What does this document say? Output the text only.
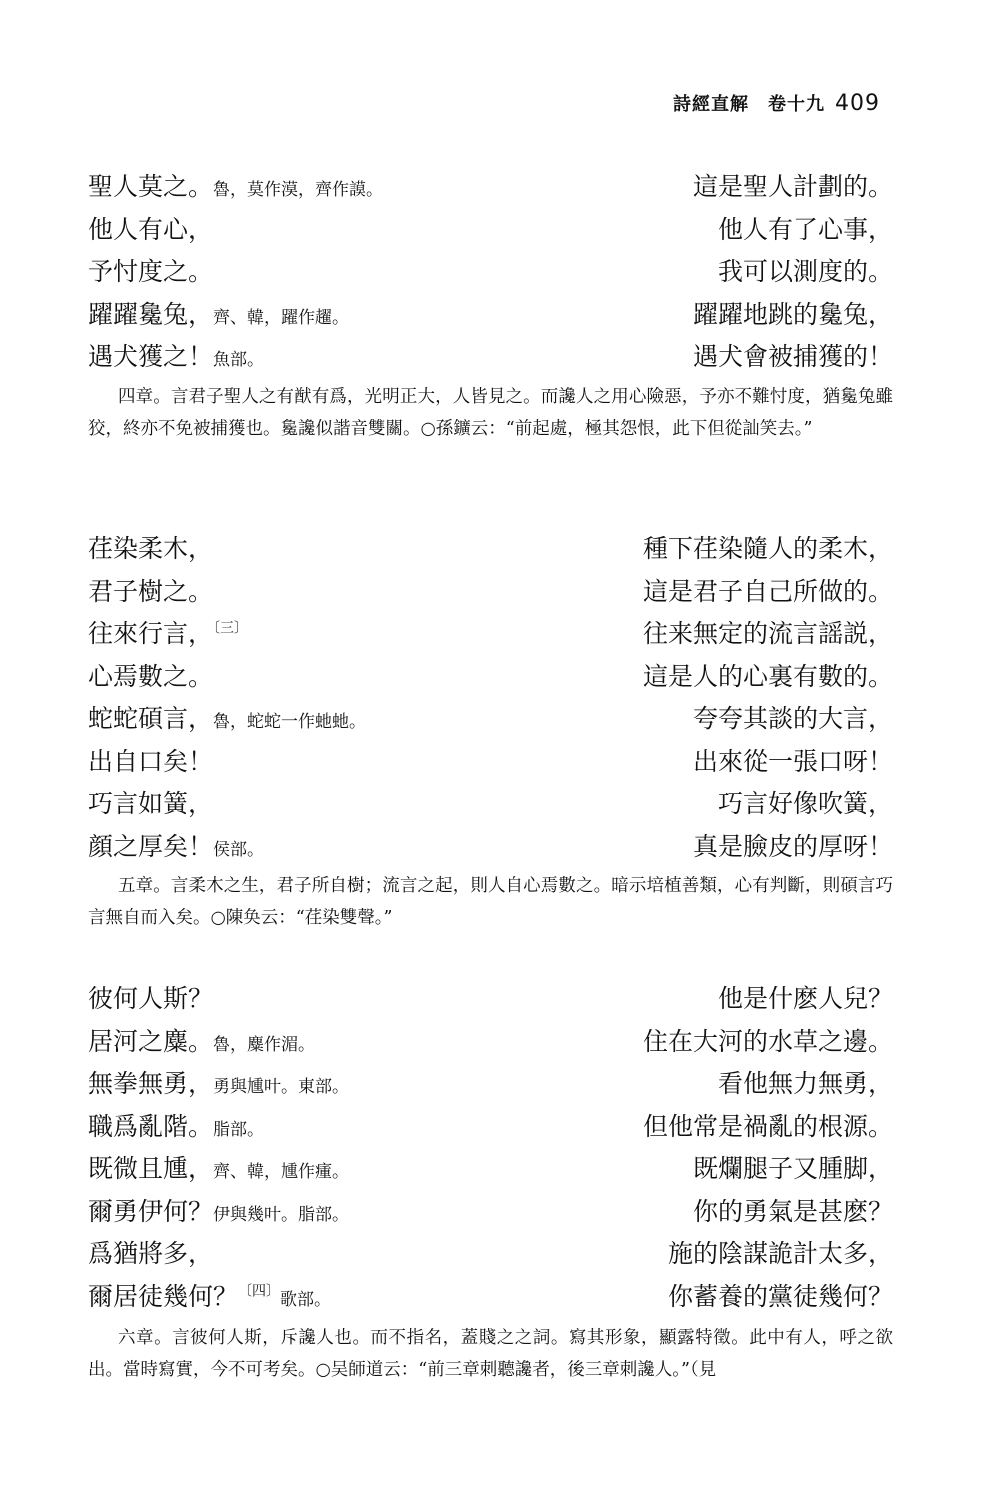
詩經直解　卷十九 409
聖人莫之。魯，莫作漠，齊作謨。	這是聖人計劃的。
他人有心，	他人有了心事，
予忖度之。	我可以測度的。
躍躍毚兔，齊、韓，躍作趯。	躍躍地跳的毚兔，
遇犬獲之！魚部。	遇犬會被捕獲的！
四章。言君子聖人之有猷有爲，光明正大，人皆見之。而讒人之用心險惡，予亦不難忖度，猶毚兔雖狡，終亦不免被捕獲也。毚讒似諧音雙關。○孫鑛云：“前起處，極其怨恨，此下但從訕笑去。”
荏染柔木，	種下荏染隨人的柔木，
君子樹之。	這是君子自己所做的。
往來行言，$^{〔三〕}$	往来無定的流言謡説，
心焉數之。	這是人的心裏有數的。
蛇蛇碩言，魯，蛇蛇一作虵虵。	夸夸其談的大言，
出自口矣！	出來從一張口呀！
巧言如簧，	巧言好像吹簧，
顔之厚矣！侯部。	真是臉皮的厚呀！
五章。言柔木之生，君子所自樹；流言之起，則人自心焉數之。暗示培植善類，心有判斷，則碩言巧言無自而入矣。○陳奂云：“荏染雙聲。”
彼何人斯？	他是什麽人兒？
居河之麋。魯，麋作湄。	住在大河的水草之邊。
無拳無勇，勇與尰叶。東部。	看他無力無勇，
職爲亂階。脂部。	但他常是禍亂的根源。
既微且尰，齊、韓，尰作瘇。	既爛腿子又腫脚，
爾勇伊何？伊與幾叶。脂部。	你的勇氣是甚麽？
爲猶將多，	施的陰謀詭計太多，
爾居徒幾何？$^{〔四〕}$歌部。	你蓄養的黨徒幾何？
六章。言彼何人斯，斥讒人也。而不指名，蓋賤之之詞。寫其形象，顯露特徵。此中有人，呼之欲出。當時寫實，今不可考矣。○吴師道云：“前三章刺聽讒者，後三章刺讒人。”（見
